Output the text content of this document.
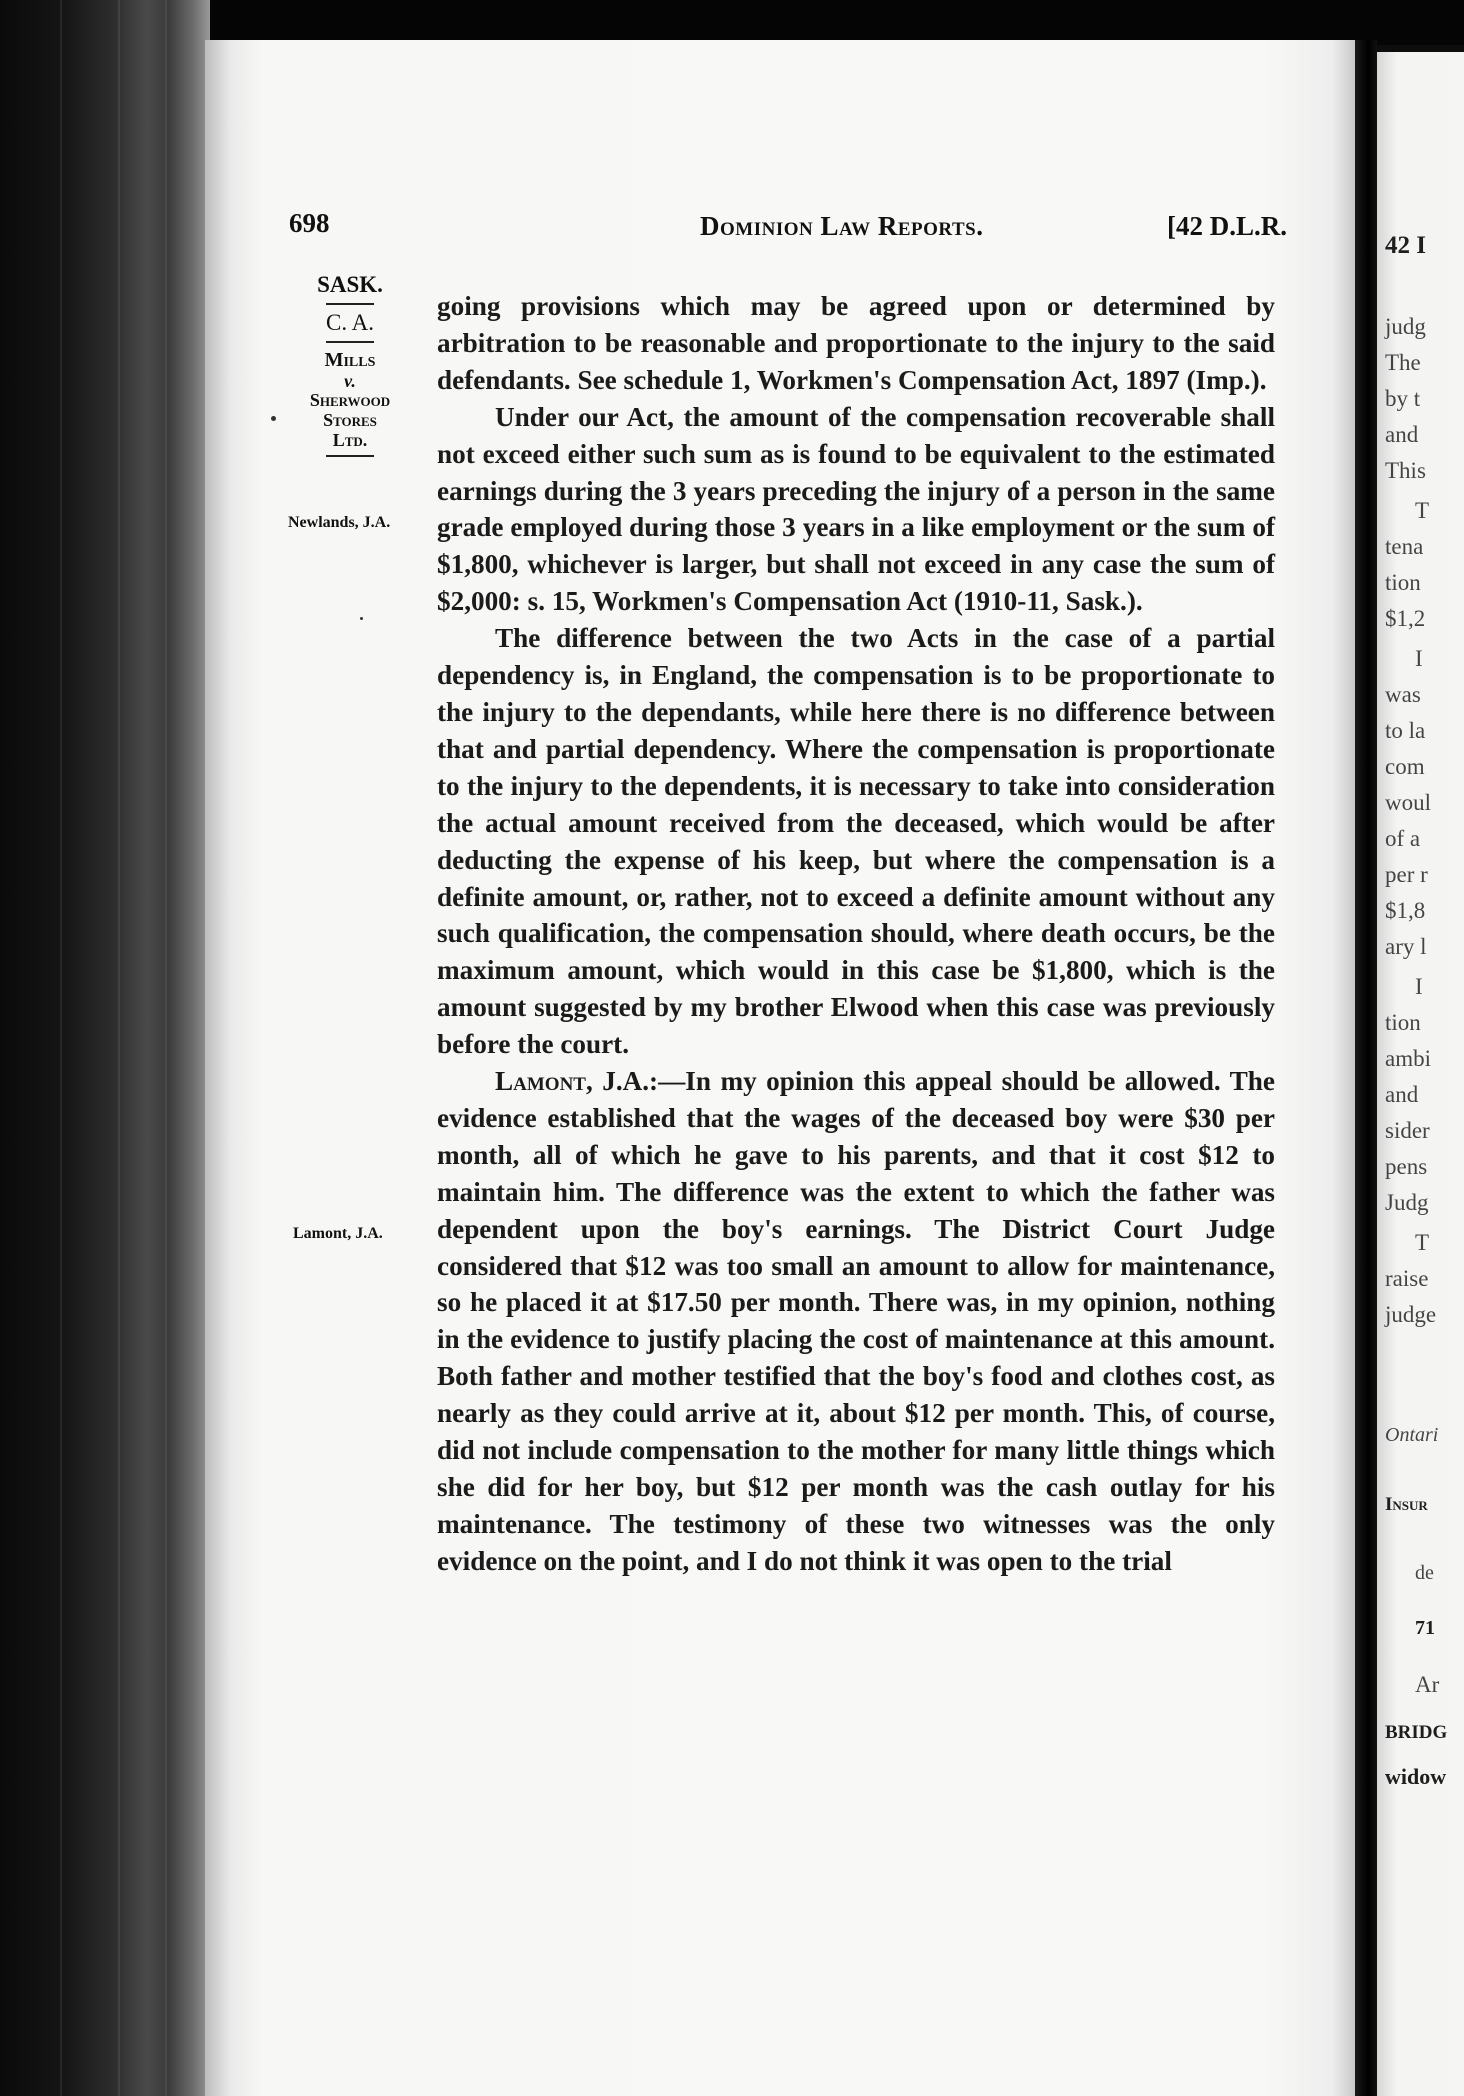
42 I
judg
The
by t
and
This
T
tena
tion
$1,2
I
was
to la
com
woul
of a
per r
$1,8
ary l
I
tion
ambi
and
sider
pens
Judg
T
raise
judge
Ontari
Insur
de
71
Ar
BRIDG
widow
698	Dominion Law Reports.	[42 D.L.R.
SASK.
C. A.
Mills
v.
Sherwood
Stores
Ltd.
Newlands, J.A.
Lamont, J.A.

going provisions which may be agreed upon or determined by arbitration to be reasonable and proportionate to the injury to the said defendants. See schedule 1, Workmen's Compensation Act, 1897 (Imp.).

Under our Act, the amount of the compensation recoverable shall not exceed either such sum as is found to be equivalent to the estimated earnings during the 3 years preceding the injury of a person in the same grade employed during those 3 years in a like employment or the sum of $1,800, whichever is larger, but shall not exceed in any case the sum of $2,000: s. 15, Workmen's Compensation Act (1910-11, Sask.).

The difference between the two Acts in the case of a partial dependency is, in England, the compensation is to be proportionate to the injury to the dependants, while here there is no difference between that and partial dependency. Where the compensation is proportionate to the injury to the dependents, it is necessary to take into consideration the actual amount received from the deceased, which would be after deducting the expense of his keep, but where the compensation is a definite amount, or, rather, not to exceed a definite amount without any such qualification, the compensation should, where death occurs, be the maximum amount, which would in this case be $1,800, which is the amount suggested by my brother Elwood when this case was previously before the court.

Lamont, J.A.:—In my opinion this appeal should be allowed. The evidence established that the wages of the deceased boy were $30 per month, all of which he gave to his parents, and that it cost $12 to maintain him. The difference was the extent to which the father was dependent upon the boy's earnings. The District Court Judge considered that $12 was too small an amount to allow for maintenance, so he placed it at $17.50 per month. There was, in my opinion, nothing in the evidence to justify placing the cost of maintenance at this amount. Both father and mother testified that the boy's food and clothes cost, as nearly as they could arrive at it, about $12 per month. This, of course, did not include compensation to the mother for many little things which she did for her boy, but $12 per month was the cash outlay for his maintenance. The testimony of these two witnesses was the only evidence on the point, and I do not think it was open to the trial
